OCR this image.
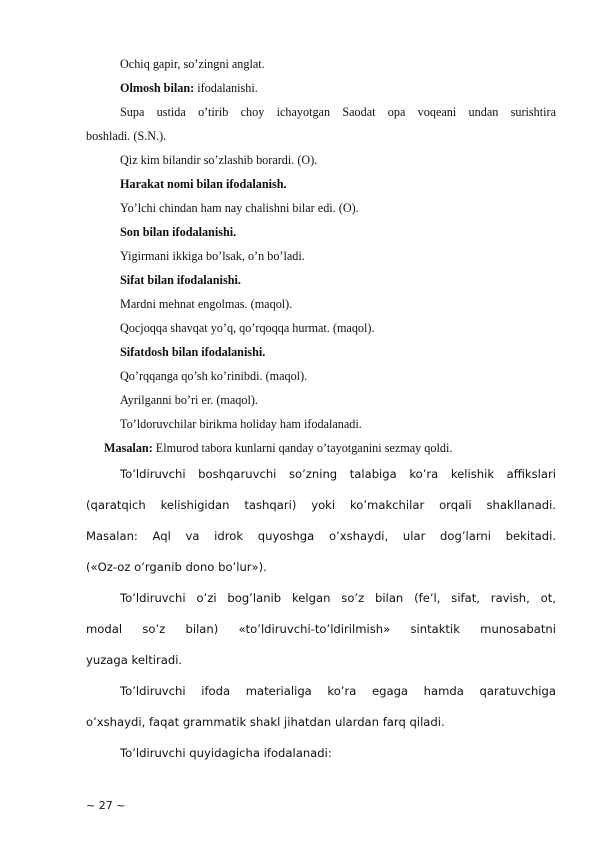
Ochiq gapir, so’zingni anglat.
Olmosh bilan: ifodalanishi.
Supa ustida o’tirib choy ichayotgan Saodat opa voqeani undan surishtira
boshladi. (S.N.).
Qiz kim bilandir so’zlashib borardi. (O).
Harakat nomi bilan ifodalanish.
Yo’lchi chindan ham nay chalishni bilar edi. (O).
Son bilan ifodalanishi.
Yigirmani ikkiga bo’lsak, o’n bo’ladi.
Sifat bilan ifodalanishi.
Mardni mehnat engolmas. (maqol).
Qocjoqqa shavqat yo’q, qo’rqoqqa hurmat. (maqol).
Sifatdosh bilan ifodalanishi.
Qo’rqqanga qo’sh ko’rinibdi. (maqol).
Ayrilganni bo’ri er. (maqol).
To’ldoruvchilar birikma holiday ham ifodalanadi.
Masalan: Elmurod tabora kunlarni qanday o’tayotganini sezmay qoldi.
To’ldiruvchi boshqaruvchi so’zning talabiga ko’ra kelishik affikslari
(qaratqich kelishigidan tashqari) yoki ko’makchilar orqali shakllanadi.
Masalan: Aql va idrok quyoshga o’xshaydi, ular dog’larni bekitadi.
(«Oz-oz o’rganib dono bo’lur»).
To’ldiruvchi o’zi bog’lanib kelgan so’z bilan (fe’l, sifat, ravish, ot,
modal so’z bilan) «to’ldiruvchi-to’ldirilmish» sintaktik munosabatni
yuzaga keltiradi.
To’ldiruvchi ifoda materialiga ko’ra egaga hamda qaratuvchiga
o’xshaydi, faqat grammatik shakl jihatdan ulardan farq qiladi.
To’ldiruvchi quyidagicha ifodalanadi:
~ 27 ~
